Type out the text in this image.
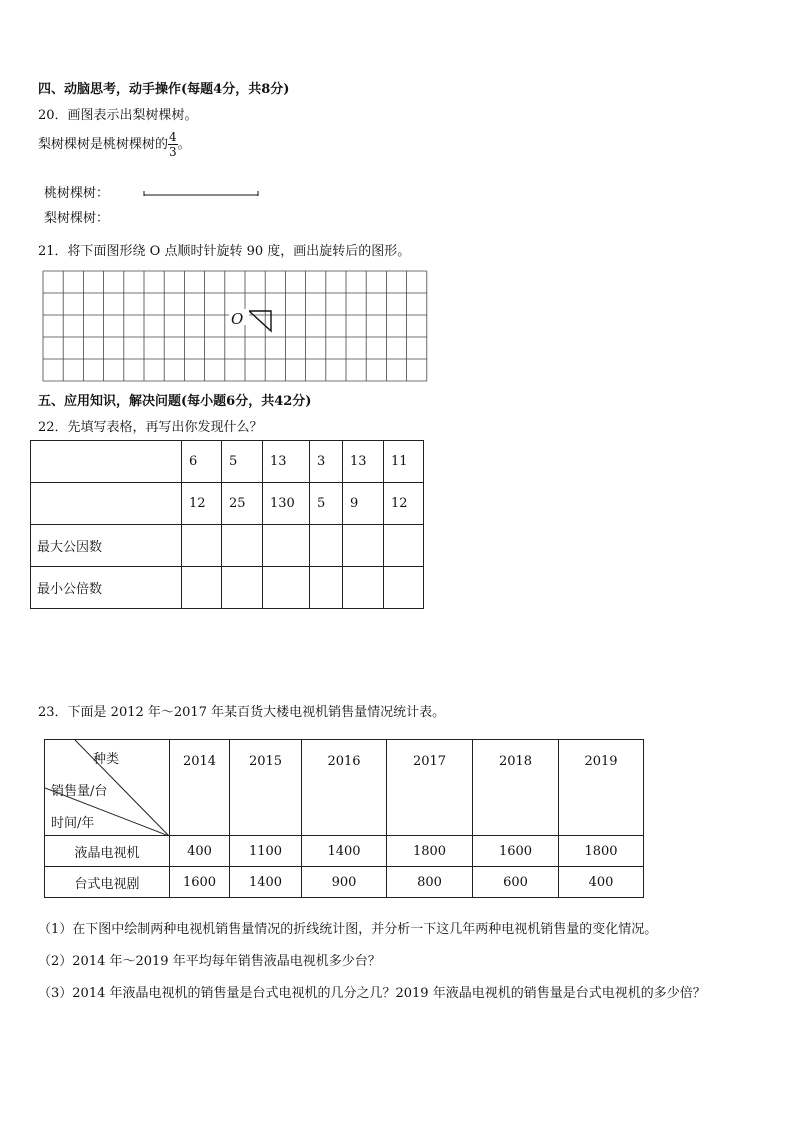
四、动脑思考，动手操作(每题4分，共8分)
20．画图表示出梨树棵树。
梨树棵树是桃树棵树的 $\frac{4}{3}$ 。
桃树棵树：
梨树棵树：
21．将下面图形绕 O 点顺时针旋转 90 度，画出旋转后的图形。
O
五、应用知识，解决问题(每小题6分，共42分)
22．先填写表格，再写出你发现什么？
	6	5	13	3	13	11
	12	25	130	5	9	12
最大公因数						
最小公倍数						
23．下面是 2012 年～2017 年某百货大楼电视机销售量情况统计表。
种类
销售量/台
时间/年	2014	2015	2016	2017	2018	2019
液晶电视机	400	1100	1400	1800	1600	1800
台式电视剧	1600	1400	900	800	600	400
（1）在下图中绘制两种电视机销售量情况的折线统计图，并分析一下这几年两种电视机销售量的变化情况。
（2）2014 年～2019 年平均每年销售液晶电视机多少台？
（3）2014 年液晶电视机的销售量是台式电视机的几分之几？2019 年液晶电视机的销售量是台式电视机的多少倍？
